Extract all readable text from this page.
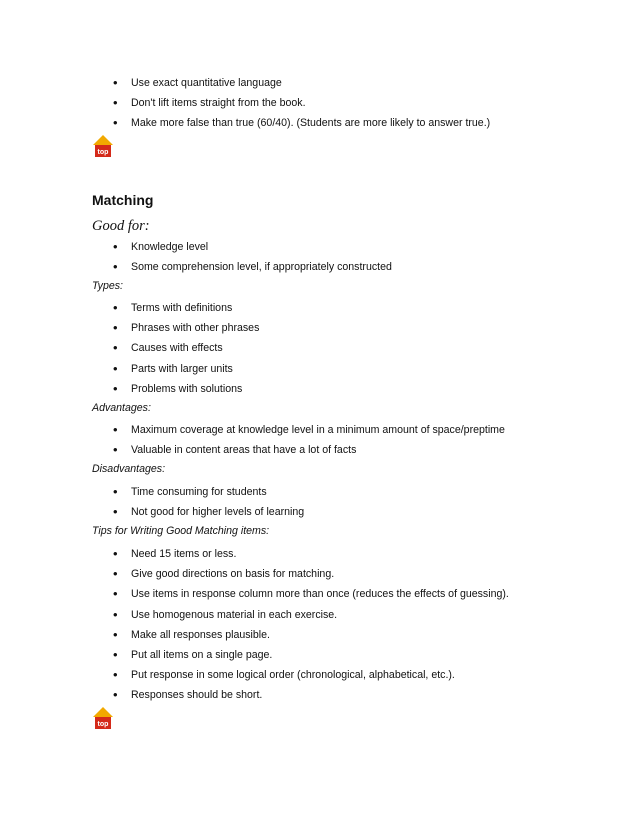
• Use exact quantitative language
• Don't lift items straight from the book.
• Make more false than true (60/40). (Students are more likely to answer true.)
top
Matching
Good for:
• Knowledge level
• Some comprehension level, if appropriately constructed
Types:
• Terms with definitions
• Phrases with other phrases
• Causes with effects
• Parts with larger units
• Problems with solutions
Advantages:
• Maximum coverage at knowledge level in a minimum amount of space/preptime
• Valuable in content areas that have a lot of facts
Disadvantages:
• Time consuming for students
• Not good for higher levels of learning
Tips for Writing Good Matching items:
• Need 15 items or less.
• Give good directions on basis for matching.
• Use items in response column more than once (reduces the effects of guessing).
• Use homogenous material in each exercise.
• Make all responses plausible.
• Put all items on a single page.
• Put response in some logical order (chronological, alphabetical, etc.).
• Responses should be short.
top
